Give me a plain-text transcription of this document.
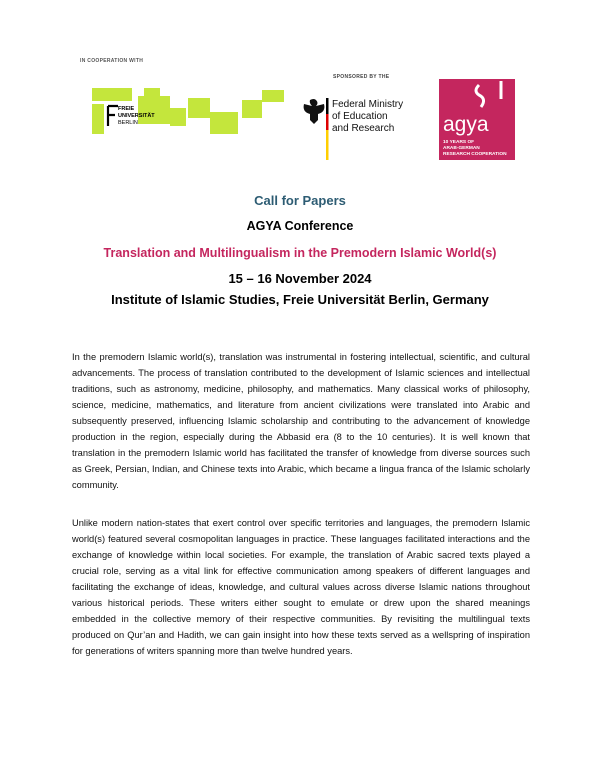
IN COOPERATION WITH
FREIE
UNIVERSITÄT
BERLIN
SPONSORED BY THE
Federal Ministry
of Education
and Research	agya
10 YEARS OF
ARAB-GERMAN
RESEARCH COOPERATION
Call for Papers
AGYA Conference
Translation and Multilingualism in the Premodern Islamic World(s)
15 – 16 November 2024
Institute of Islamic Studies, Freie Universität Berlin, Germany

In the premodern Islamic world(s), translation was instrumental in fostering intellectual, scientific, and cultural advancements. The process of translation contributed to the development of Islamic sciences and intellectual traditions, such as astronomy, medicine, philosophy, and mathematics. Many classical works of philosophy, science, medicine, mathematics, and literature from ancient civilizations were translated into Arabic and subsequently preserved, influencing Islamic scholarship and contributing to the advancement of knowledge production in the region, especially during the Abbasid era (8 to the 10 centuries). It is well known that translation in the premodern Islamic world has facilitated the transfer of knowledge from diverse sources such as Greek, Persian, Indian, and Chinese texts into Arabic, which became a lingua franca of the Islamic scholarly community.

Unlike modern nation-states that exert control over specific territories and languages, the premodern Islamic world(s) featured several cosmopolitan languages in practice. These languages facilitated interactions and the exchange of knowledge within local societies. For example, the translation of Arabic sacred texts played a crucial role, serving as a vital link for effective communication among speakers of different languages and facilitating the exchange of ideas, knowledge, and cultural values across diverse Islamic nations throughout various historical periods. These writers either sought to emulate or drew upon the shared meanings embedded in the collective memory of their respective communities. By revisiting the multilingual texts produced on Qur’an and Hadith, we can gain insight into how these texts served as a wellspring of inspiration for generations of writers spanning more than twelve hundred years.
